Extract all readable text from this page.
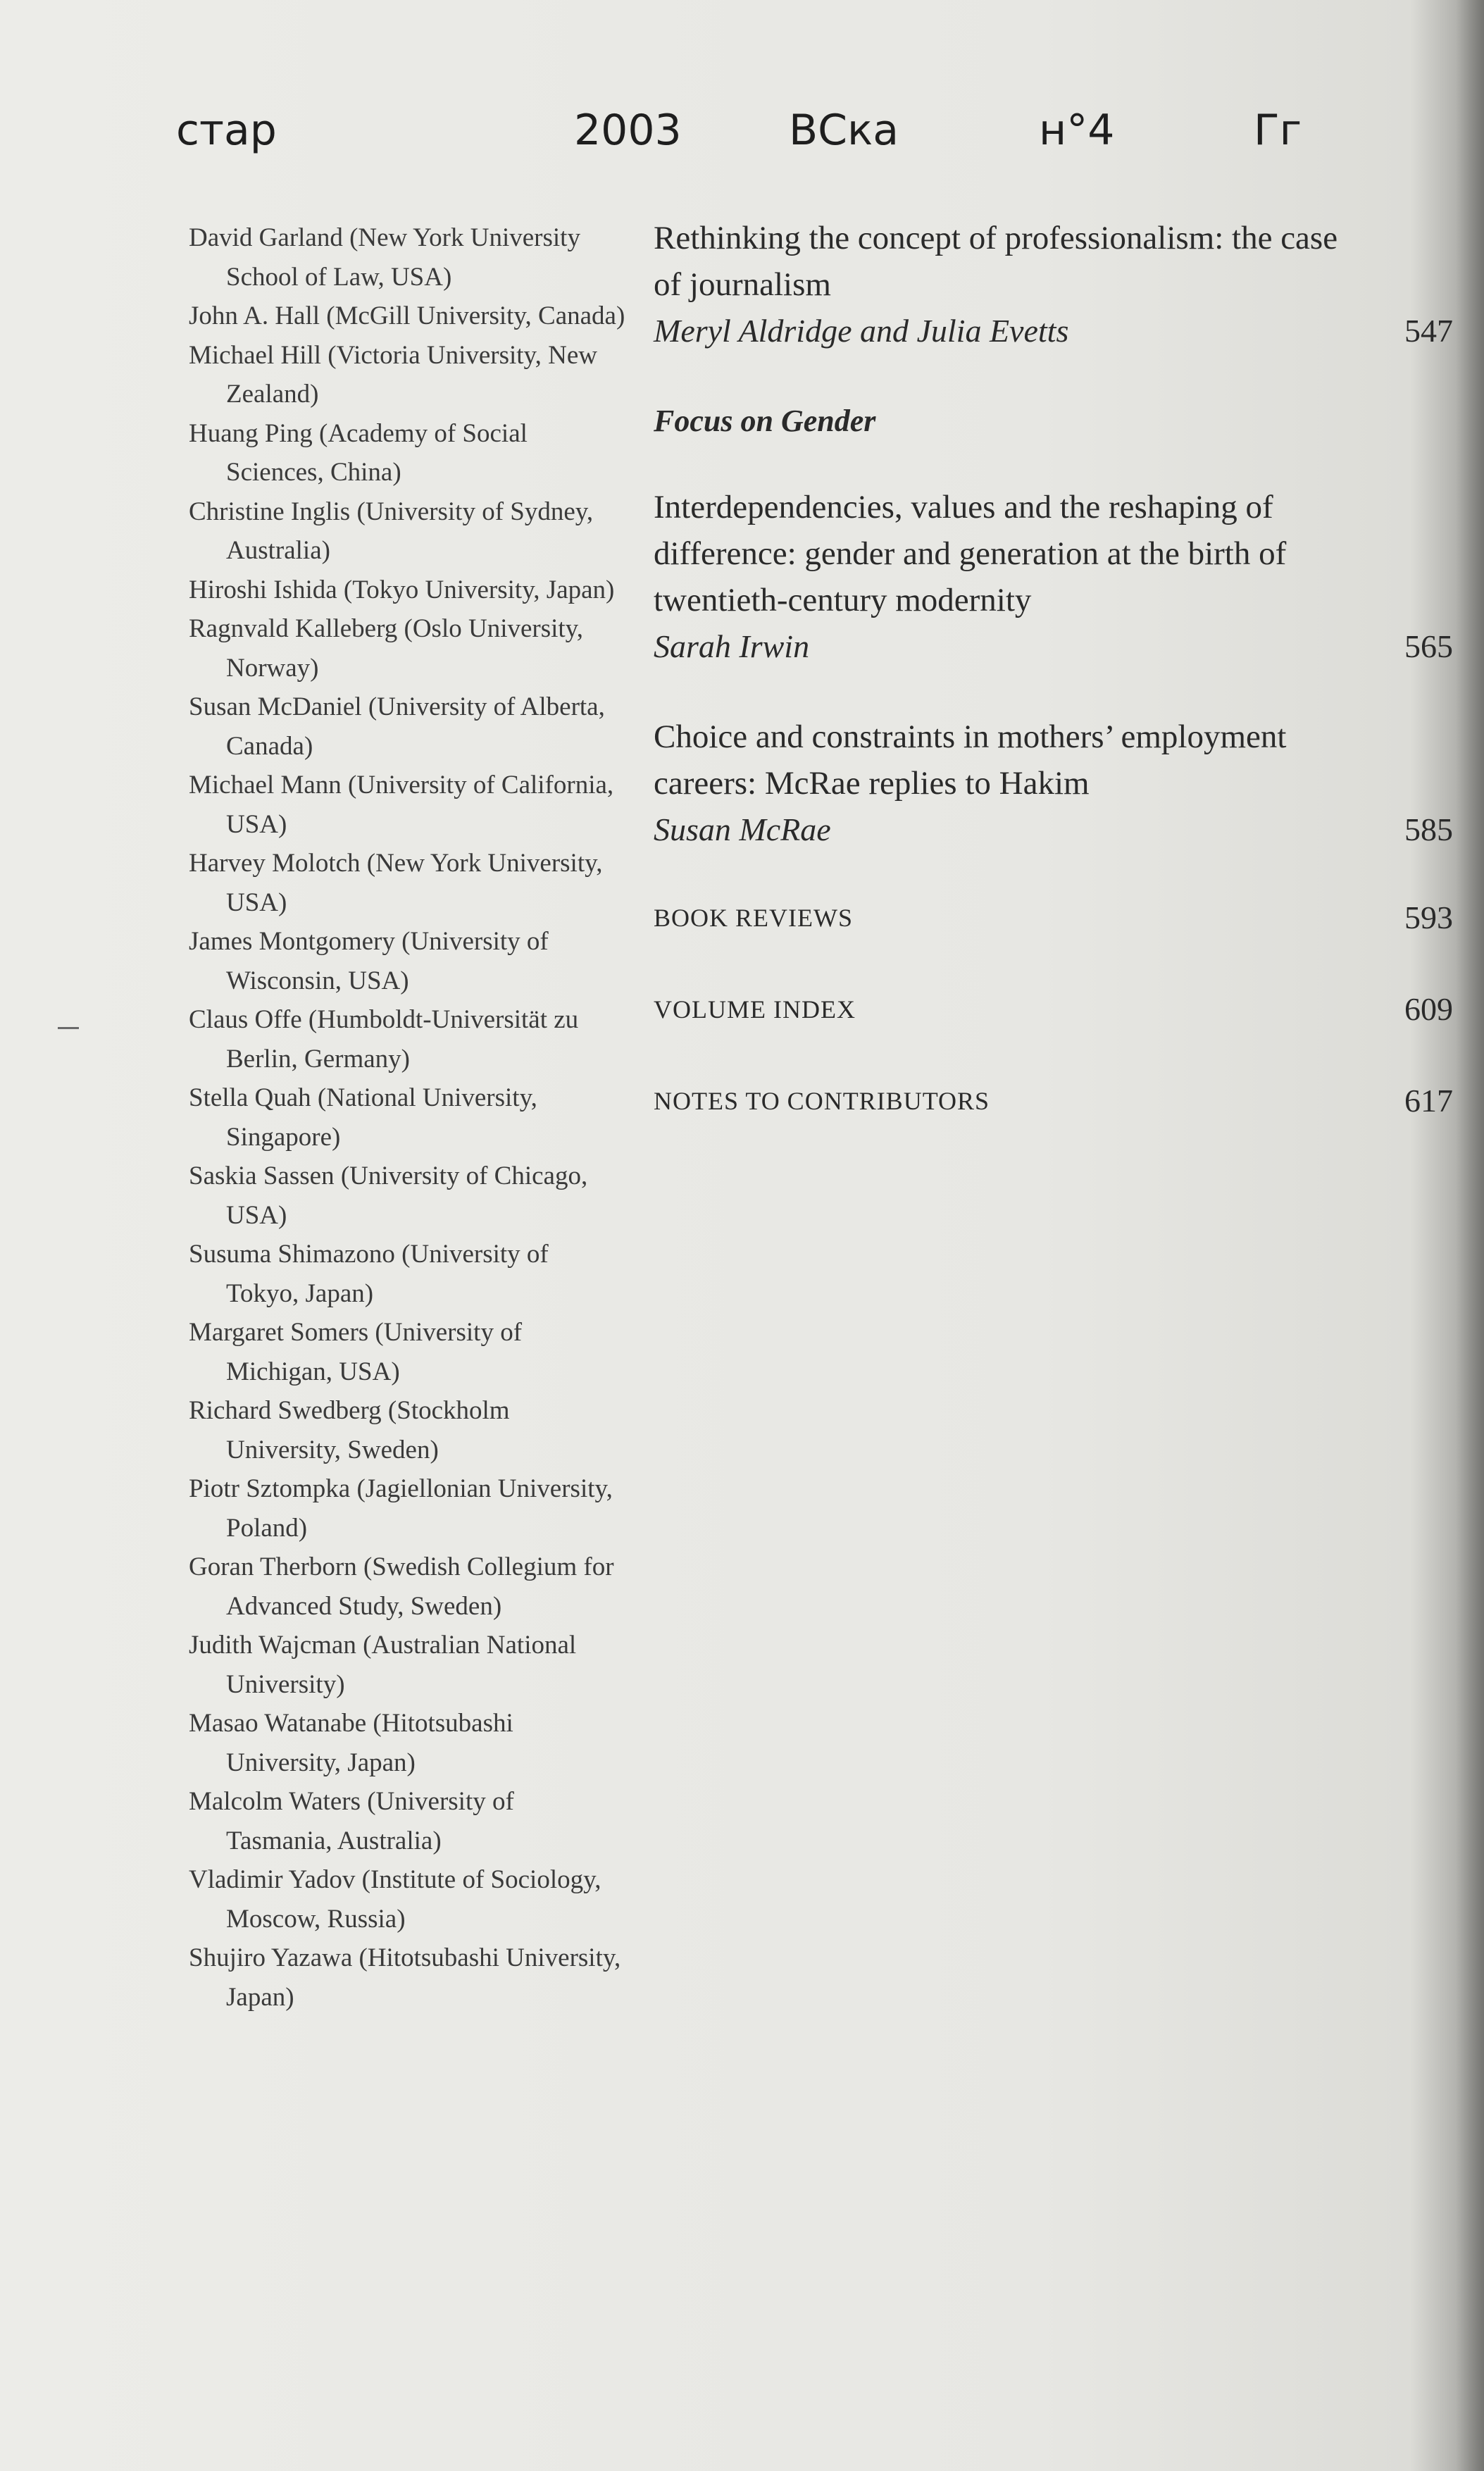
стар	2003	ВСка	н°4	Гг
David Garland (New York University School of Law, USA)
John A. Hall (McGill University, Canada)
Michael Hill (Victoria University, New Zealand)
Huang Ping (Academy of Social Sciences, China)
Christine Inglis (University of Sydney, Australia)
Hiroshi Ishida (Tokyo University, Japan)
Ragnvald Kalleberg (Oslo University, Norway)
Susan McDaniel (University of Alberta, Canada)
Michael Mann (University of California, USA)
Harvey Molotch (New York University, USA)
James Montgomery (University of Wisconsin, USA)
Claus Offe (Humboldt-Universität zu Berlin, Germany)
Stella Quah (National University, Singapore)
Saskia Sassen (University of Chicago, USA)
Susuma Shimazono (University of Tokyo, Japan)
Margaret Somers (University of Michigan, USA)
Richard Swedberg (Stockholm University, Sweden)
Piotr Sztompka (Jagiellonian University, Poland)
Goran Therborn (Swedish Collegium for Advanced Study, Sweden)
Judith Wajcman (Australian National University)
Masao Watanabe (Hitotsubashi University, Japan)
Malcolm Waters (University of Tasmania, Australia)
Vladimir Yadov (Institute of Sociology, Moscow, Russia)
Shujiro Yazawa (Hitotsubashi University, Japan)
Rethinking the concept of professionalism: the case of journalism
Meryl Aldridge and Julia Evetts	547
Focus on Gender
Interdependencies, values and the reshaping of difference: gender and generation at the birth of twentieth-century modernity
Sarah Irwin	565
Choice and constraints in mothers’ employment careers: McRae replies to Hakim
Susan McRae	585
BOOK REVIEWS	593
VOLUME INDEX	609
NOTES TO CONTRIBUTORS	617
